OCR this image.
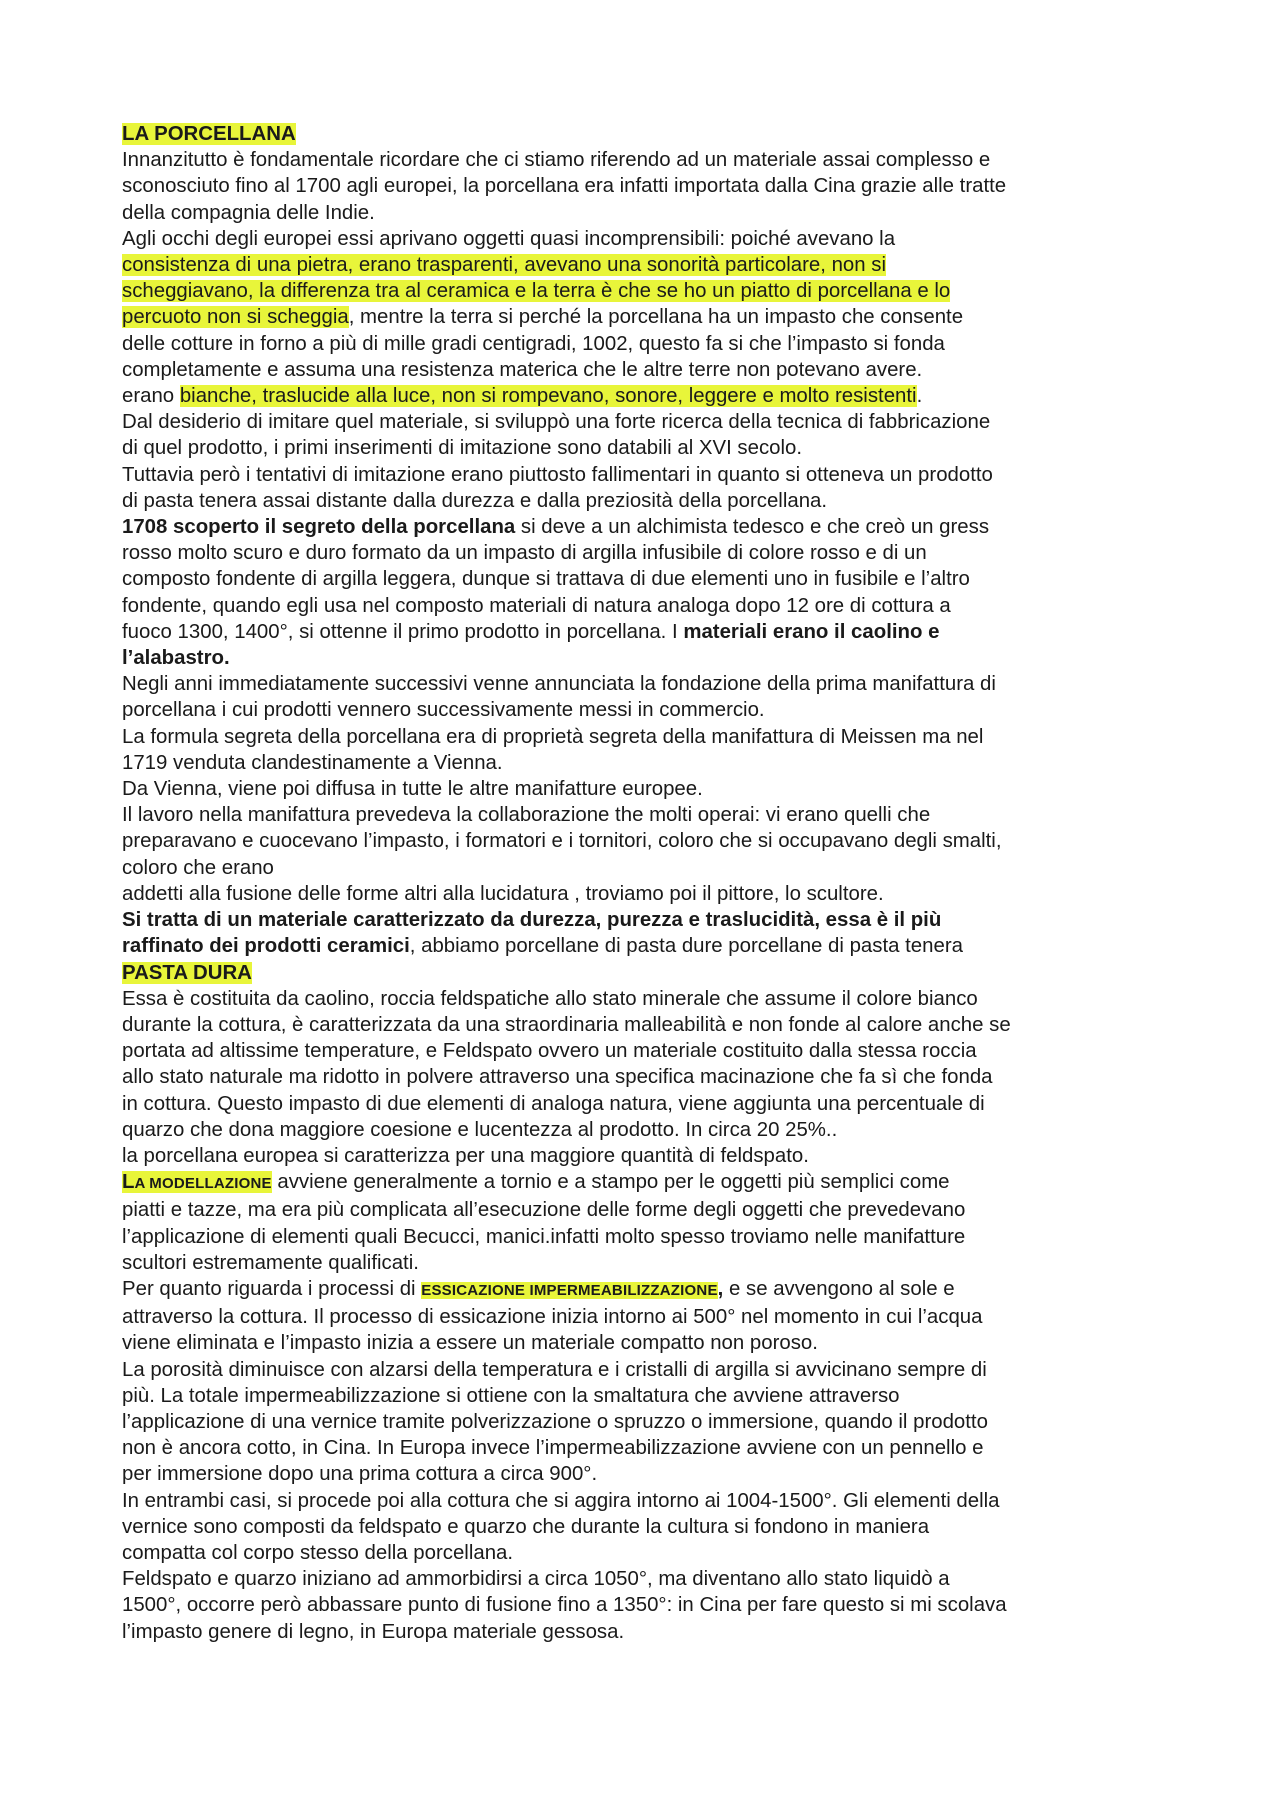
LA PORCELLANA
Innanzitutto è fondamentale ricordare che ci stiamo riferendo ad un materiale assai complesso e
sconosciuto fino al 1700 agli europei, la porcellana era infatti importata dalla Cina grazie alle tratte
della compagnia delle Indie.
Agli occhi degli europei essi aprivano oggetti quasi incomprensibili: poiché avevano la
consistenza di una pietra, erano trasparenti, avevano una sonorità particolare, non si
scheggiavano, la differenza tra al ceramica e la terra è che se ho un piatto di porcellana e lo
percuoto non si scheggia, mentre la terra si perché la porcellana ha un impasto che consente
delle cotture in forno a più di mille gradi centigradi, 1002, questo fa si che l’impasto si fonda
completamente e assuma una resistenza materica che le altre terre non potevano avere.
erano bianche, traslucide alla luce, non si rompevano, sonore, leggere e molto resistenti.
Dal desiderio di imitare quel materiale, si sviluppò una forte ricerca della tecnica di fabbricazione
di quel prodotto, i primi inserimenti di imitazione sono databili al XVI secolo.
Tuttavia però i tentativi di imitazione erano piuttosto fallimentari in quanto si otteneva un prodotto
di pasta tenera assai distante dalla durezza e dalla preziosità della porcellana.
1708 scoperto il segreto della porcellana si deve a un alchimista tedesco e che creò un gress
rosso molto scuro e duro formato da un impasto di argilla infusibile di colore rosso e di un
composto fondente di argilla leggera, dunque si trattava di due elementi uno in fusibile e l’altro
fondente, quando egli usa nel composto materiali di natura analoga dopo 12 ore di cottura a
fuoco 1300, 1400°, si ottenne il primo prodotto in porcellana. I materiali erano il caolino e
l’alabastro.
Negli anni immediatamente successivi venne annunciata la fondazione della prima manifattura di
porcellana i cui prodotti vennero successivamente messi in commercio.
La formula segreta della porcellana era di proprietà segreta della manifattura di Meissen ma nel
1719 venduta clandestinamente a Vienna.
Da Vienna, viene poi diffusa in tutte le altre manifatture europee.
Il lavoro nella manifattura prevedeva la collaborazione the molti operai: vi erano quelli che
preparavano e cuocevano l’impasto, i formatori e i tornitori, coloro che si occupavano degli smalti,
coloro che erano
addetti alla fusione delle forme altri alla lucidatura , troviamo poi il pittore, lo scultore.
Si tratta di un materiale caratterizzato da durezza, purezza e traslucidità, essa è il più
raffinato dei prodotti ceramici, abbiamo porcellane di pasta dure porcellane di pasta tenera
PASTA DURA
Essa è costituita da caolino, roccia feldspatiche allo stato minerale che assume il colore bianco
durante la cottura, è caratterizzata da una straordinaria malleabilità e non fonde al calore anche se
portata ad altissime temperature, e Feldspato ovvero un materiale costituito dalla stessa roccia
allo stato naturale ma ridotto in polvere attraverso una specifica macinazione che fa sì che fonda
in cottura. Questo impasto di due elementi di analoga natura, viene aggiunta una percentuale di
quarzo che dona maggiore coesione e lucentezza al prodotto. In circa 20 25%..
la porcellana europea si caratterizza per una maggiore quantità di feldspato.
LA MODELLAZIONE avviene generalmente a tornio e a stampo per le oggetti più semplici come
piatti e tazze, ma era più complicata all’esecuzione delle forme degli oggetti che prevedevano
l’applicazione di elementi quali Becucci, manici.infatti molto spesso troviamo nelle manifatture
scultori estremamente qualificati.
Per quanto riguarda i processi di ESSICAZIONE IMPERMEABILIZZAZIONE, e se avvengono al sole e
attraverso la cottura. Il processo di essicazione inizia intorno ai 500° nel momento in cui l’acqua
viene eliminata e l’impasto inizia a essere un materiale compatto non poroso.
La porosità diminuisce con alzarsi della temperatura e i cristalli di argilla si avvicinano sempre di
più. La totale impermeabilizzazione si ottiene con la smaltatura che avviene attraverso
l’applicazione di una vernice tramite polverizzazione o spruzzo o immersione, quando il prodotto
non è ancora cotto, in Cina. In Europa invece l’impermeabilizzazione avviene con un pennello e
per immersione dopo una prima cottura a circa 900°.
In entrambi casi, si procede poi alla cottura che si aggira intorno ai 1004-1500°. Gli elementi della
vernice sono composti da feldspato e quarzo che durante la cultura si fondono in maniera
compatta col corpo stesso della porcellana.
Feldspato e quarzo iniziano ad ammorbidirsi a circa 1050°, ma diventano allo stato liquidò a
1500°, occorre però abbassare punto di fusione fino a 1350°: in Cina per fare questo si mi scolava
l’impasto genere di legno, in Europa materiale gessosa.
